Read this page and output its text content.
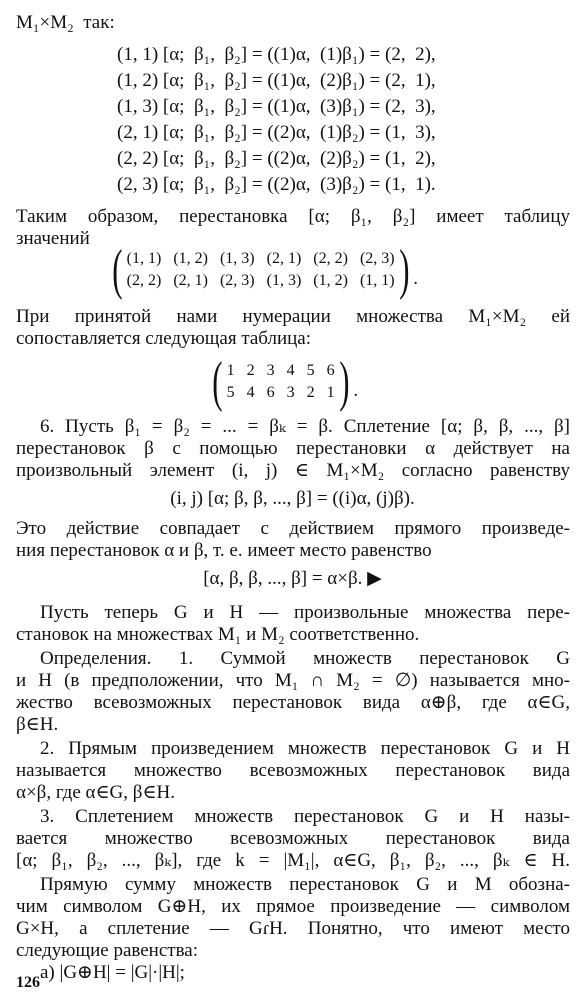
M₁×M₂  так:
(1, 1) [α;  β₁,  β₂] = ((1)α,  (1)β₁) = (2,  2),
(1, 2) [α;  β₁,  β₂] = ((1)α,  (2)β₁) = (2,  1),
(1, 3) [α;  β₁,  β₂] = ((1)α,  (3)β₁) = (2,  3),
(2, 1) [α;  β₁,  β₂] = ((2)α,  (1)β₂) = (1,  3),
(2, 2) [α;  β₁,  β₂] = ((2)α,  (2)β₂) = (1,  2),
(2, 3) [α;  β₁,  β₂] = ((2)α,  (3)β₂) = (1,  1).
Таким образом, перестановка [α; β₁, β₂] имеет таблицу
значений
( (1, 1)   (1, 2)   (1, 3)   (2, 1)   (2, 2)   (2, 3)
(2, 2)   (2, 1)   (2, 3)   (1, 3)   (1, 2)   (1, 1) ) .
При принятой нами нумерации множества M₁×M₂ ей
сопоставляется следующая таблица:
( 1   2   3   4   5   6
5   4   6   3   2   1 ) .
6. Пусть β₁ = β₂ = ... = βₖ = β. Сплетение [α; β, β, ..., β]
перестановок β с помощью перестановки α действует на
произвольный элемент (i, j) ∈ M₁×M₂ согласно равенству
(i, j) [α; β, β, ..., β] = ((i)α, (j)β).
Это действие совпадает с действием прямого произведе-
ния перестановок α и β, т. е. имеет место равенство
[α, β, β, ..., β] = α×β. ▶
Пусть теперь G и H — произвольные множества пере-
становок на множествах M₁ и M₂ соответственно.
Определения. 1. Суммой множеств перестановок G
и H (в предположении, что M₁ ∩ M₂ = ∅) называется мно-
жество всевозможных перестановок вида α⊕β, где α∈G,
β∈H.
2. Прямым произведением множеств перестановок G и H
называется множество всевозможных перестановок вида
α×β, где α∈G, β∈H.
3. Сплетением множеств перестановок G и H назы-
вается множество всевозможных перестановок вида
[α; β₁, β₂, ..., βₖ], где k = |M₁|, α∈G, β₁, β₂, ..., βₖ ∈ H.
Прямую сумму множеств перестановок G и M обозна-
чим символом G⊕H, их прямое произведение — символом
G×H, а сплетение — GɾH. Понятно, что имеют место
следующие равенства:
а) |G⊕H| = |G|·|H|;
126
